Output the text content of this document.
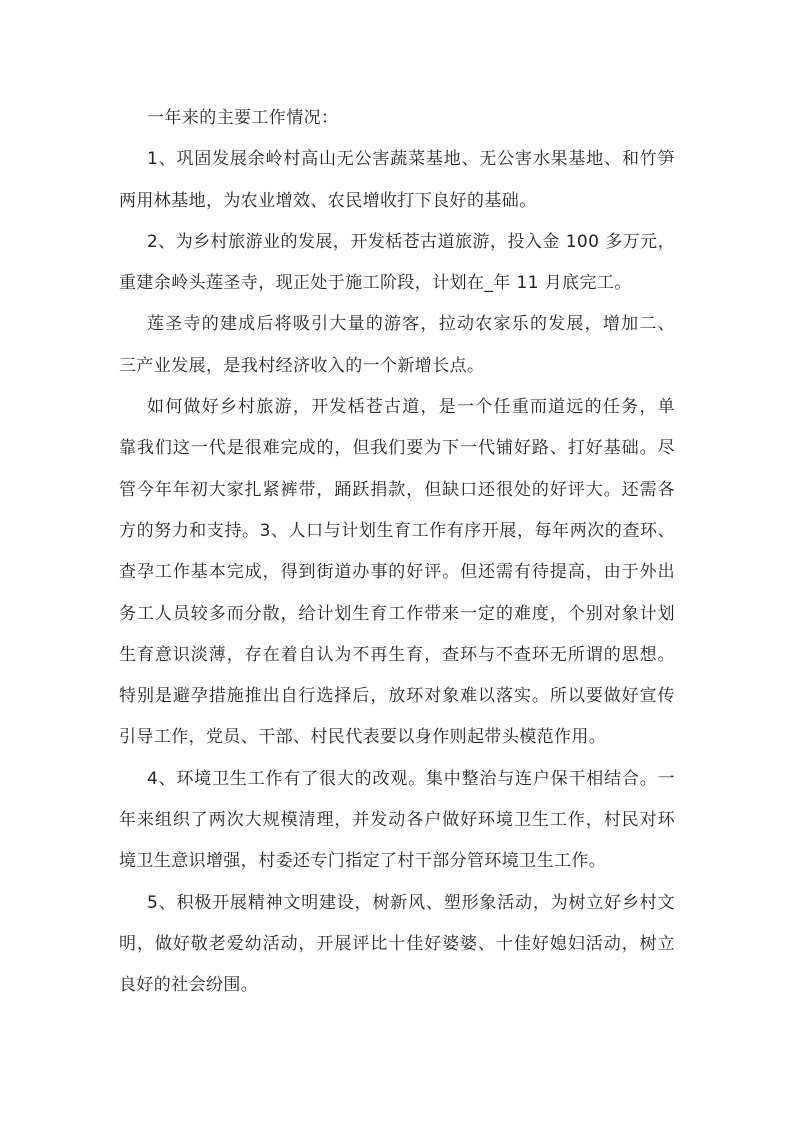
一年来的主要工作情况：
1、巩固发展余岭村高山无公害蔬菜基地、无公害水果基地、和竹笋
两用林基地，为农业增效、农民增收打下良好的基础。
2、为乡村旅游业的发展，开发栝苍古道旅游，投入金 100 多万元，
重建余岭头莲圣寺，现正处于施工阶段，计划在_年 11 月底完工。
莲圣寺的建成后将吸引大量的游客，拉动农家乐的发展，增加二、
三产业发展，是我村经济收入的一个新增长点。
如何做好乡村旅游，开发栝苍古道，是一个任重而道远的任务，单
靠我们这一代是很难完成的，但我们要为下一代铺好路、打好基础。尽
管今年年初大家扎紧裤带，踊跃捐款，但缺口还很处的好评大。还需各
方的努力和支持。3、人口与计划生育工作有序开展，每年两次的查环、
查孕工作基本完成，得到街道办事的好评。但还需有待提高，由于外出
务工人员较多而分散，给计划生育工作带来一定的难度，个别对象计划
生育意识淡薄，存在着自认为不再生育，查环与不查环无所谓的思想。
特别是避孕措施推出自行选择后，放环对象难以落实。所以要做好宣传
引导工作，党员、干部、村民代表要以身作则起带头模范作用。
4、环境卫生工作有了很大的改观。集中整治与连户保干相结合。一
年来组织了两次大规模清理，并发动各户做好环境卫生工作，村民对环
境卫生意识增强，村委还专门指定了村干部分管环境卫生工作。
5、积极开展精神文明建设，树新风、塑形象活动，为树立好乡村文
明，做好敬老爱幼活动，开展评比十佳好婆婆、十佳好媳妇活动，树立
良好的社会纷围。
